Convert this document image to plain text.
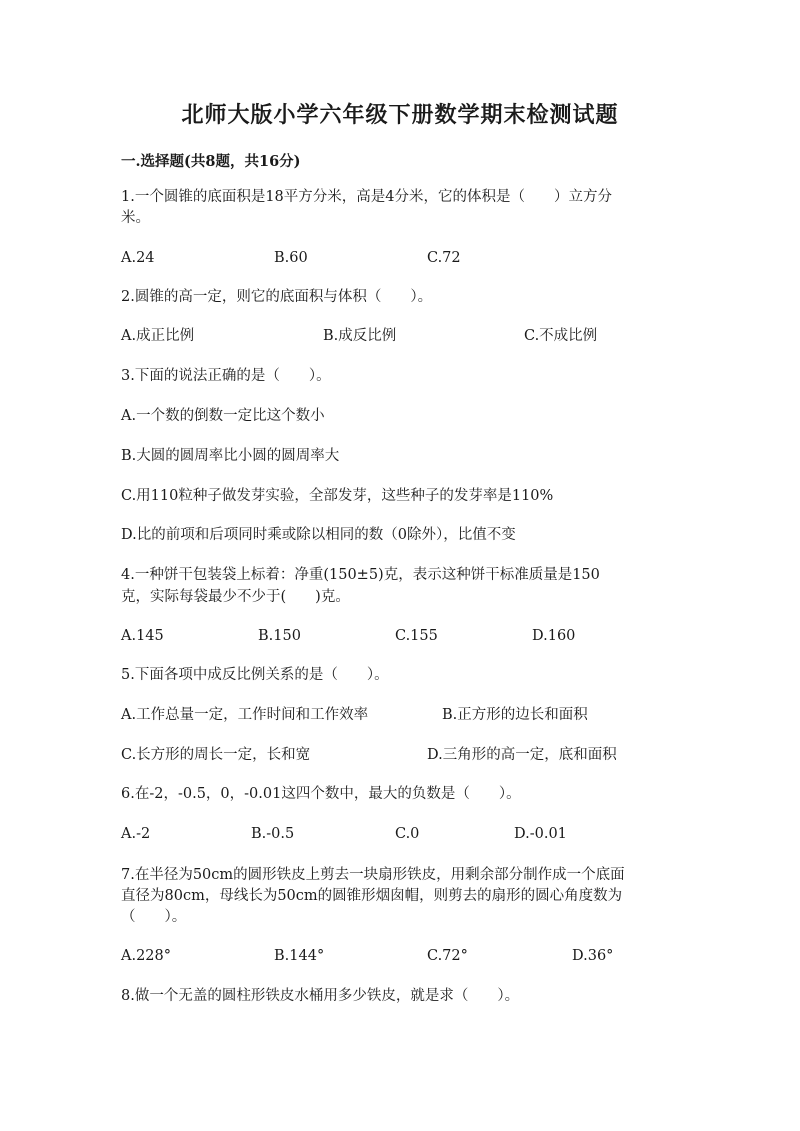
北师大版小学六年级下册数学期末检测试题
一.选择题(共8题，共16分)
1.一个圆锥的底面积是18平方分米，高是4分米，它的体积是（　　）立方分
米。
A.24	B.60	C.72
2.圆锥的高一定，则它的底面积与体积（　　）。
A.成正比例	B.成反比例	C.不成比例
3.下面的说法正确的是（　　）。
A.一个数的倒数一定比这个数小
B.大圆的圆周率比小圆的圆周率大
C.用110粒种子做发芽实验，全部发芽，这些种子的发芽率是110%
D.比的前项和后项同时乘或除以相同的数（0除外），比值不变
4.一种饼干包装袋上标着：净重(150±5)克，表示这种饼干标准质量是150
克，实际每袋最少不少于(　　)克。
A.145	B.150	C.155	D.160
5.下面各项中成反比例关系的是（　　）。
A.工作总量一定，工作时间和工作效率	B.正方形的边长和面积
C.长方形的周长一定，长和宽	D.三角形的高一定，底和面积
6.在-2，-0.5，0，-0.01这四个数中，最大的负数是（　　）。
A.-2	B.-0.5	C.0	D.-0.01
7.在半径为50cm的圆形铁皮上剪去一块扇形铁皮，用剩余部分制作成一个底面
直径为80cm，母线长为50cm的圆锥形烟囱帽，则剪去的扇形的圆心角度数为
（　　）。
A.228°	B.144°	C.72°	D.36°
8.做一个无盖的圆柱形铁皮水桶用多少铁皮，就是求（　　）。
